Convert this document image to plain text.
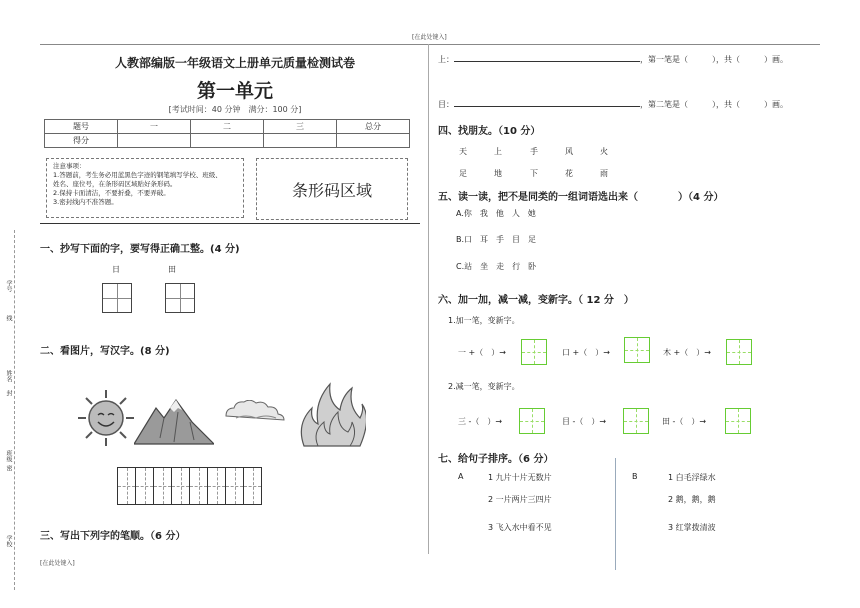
[在此处键入]
[在此处键入]
学号
线
姓名
封
班级
密
学校
人教部编版一年级语文上册单元质量检测试卷
第一单元
[考试时间：40 分钟　满分：100 分]
题号	一	二	三	总分
得分				
注意事项：
1.答题前，考生务必用蓝黑色字迹的钢笔填写学校、班级、
姓名、座位号，在条形码区域贴好条形码。
2.保持卡面清洁，不要折叠，不要弄破。
3.密封线内不准答题。
条形码区域
一、抄写下面的字，要写得正确工整。(4 分)
日	田
二、看图片，写汉字。(8 分)
三、写出下列字的笔顺。（6 分）
上：	，第一笔是（　　　），共（　　　）画。
目：	，第二笔是（　　　），共（　　　）画。
四、找朋友。（10 分）
天	上	手	风	火
足	地	下	花	雨
五、读一读，把不是同类的一组词语选出来（　　　　）（4 分）
A.你　我　他　人　她
B.口　耳　手　目　足
C.站　坐　走　行　卧
六、加一加，减一减，变新字。（ 12 分　）
1.加一笔，变新字。
一 +（　）→	口 +（　）→	木 +（　）→
2.减一笔，变新字。
三 -（　）→	目 -（　）→	田 -（　）→
七、给句子排序。（6 分）
A	1 九片十片无数片
2 一片两片三四片
3 飞入水中看不见
B	1 白毛浮绿水
2 鹅，鹅，鹅
3 红掌拨清波
